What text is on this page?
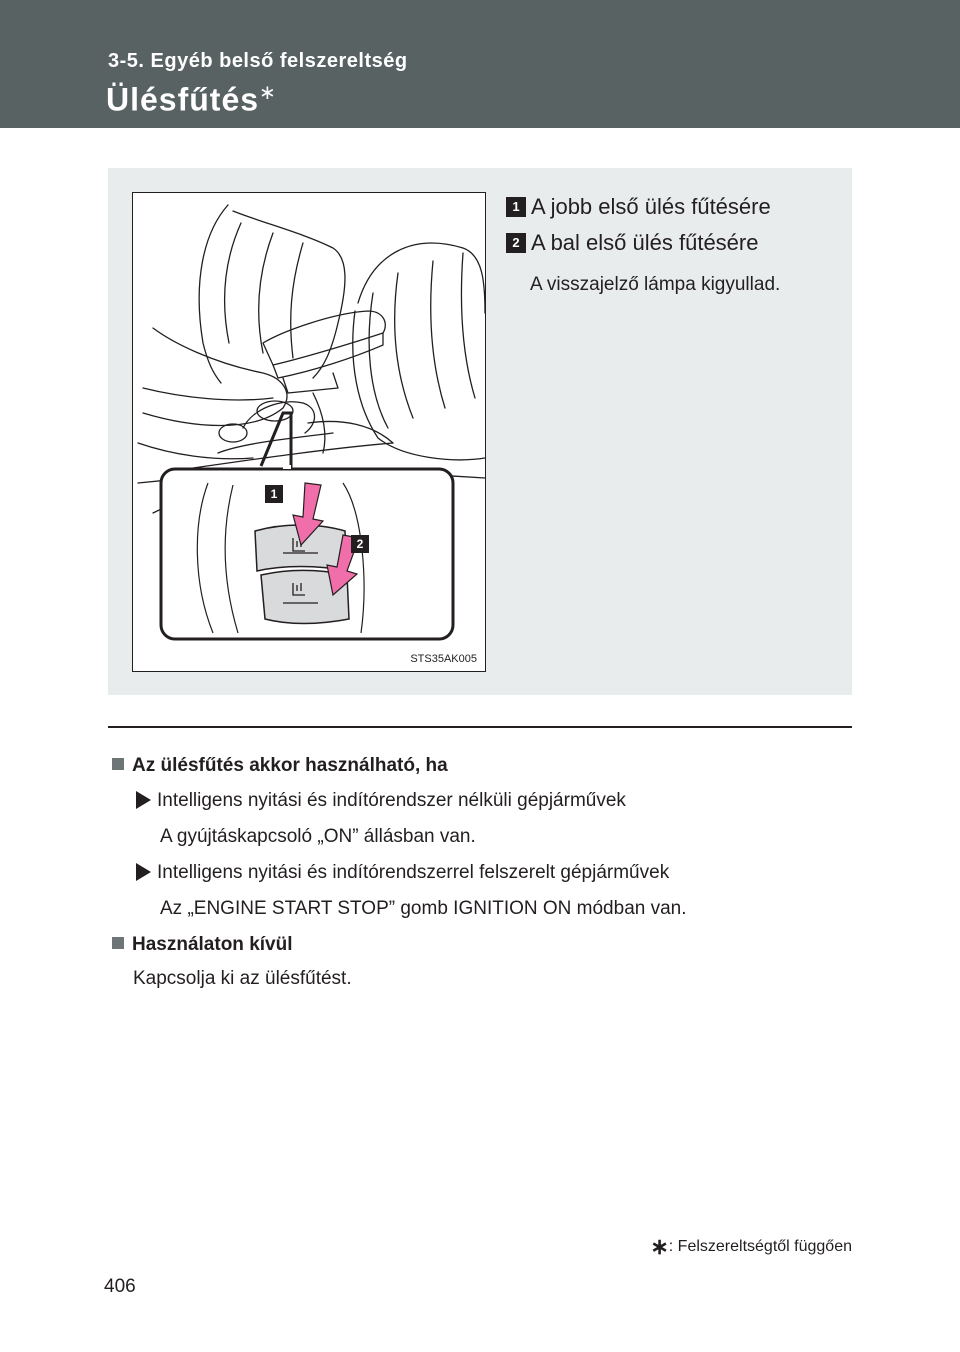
3-5. Egyéb belső felszereltség
Ülésfűtés∗
1
2
STS35AK005
1 A jobb első ülés fűtésére
2 A bal első ülés fűtésére
A visszajelző lámpa kigyullad.
Az ülésfűtés akkor használható, ha
Intelligens nyitási és indítórendszer nélküli gépjárművek
A gyújtáskapcsoló „ON” állásban van.
Intelligens nyitási és indítórendszerrel felszerelt gépjárművek
Az „ENGINE START STOP” gomb IGNITION ON módban van.
Használaton kívül
Kapcsolja ki az ülésfűtést.
∗: Felszereltségtől függően
406
